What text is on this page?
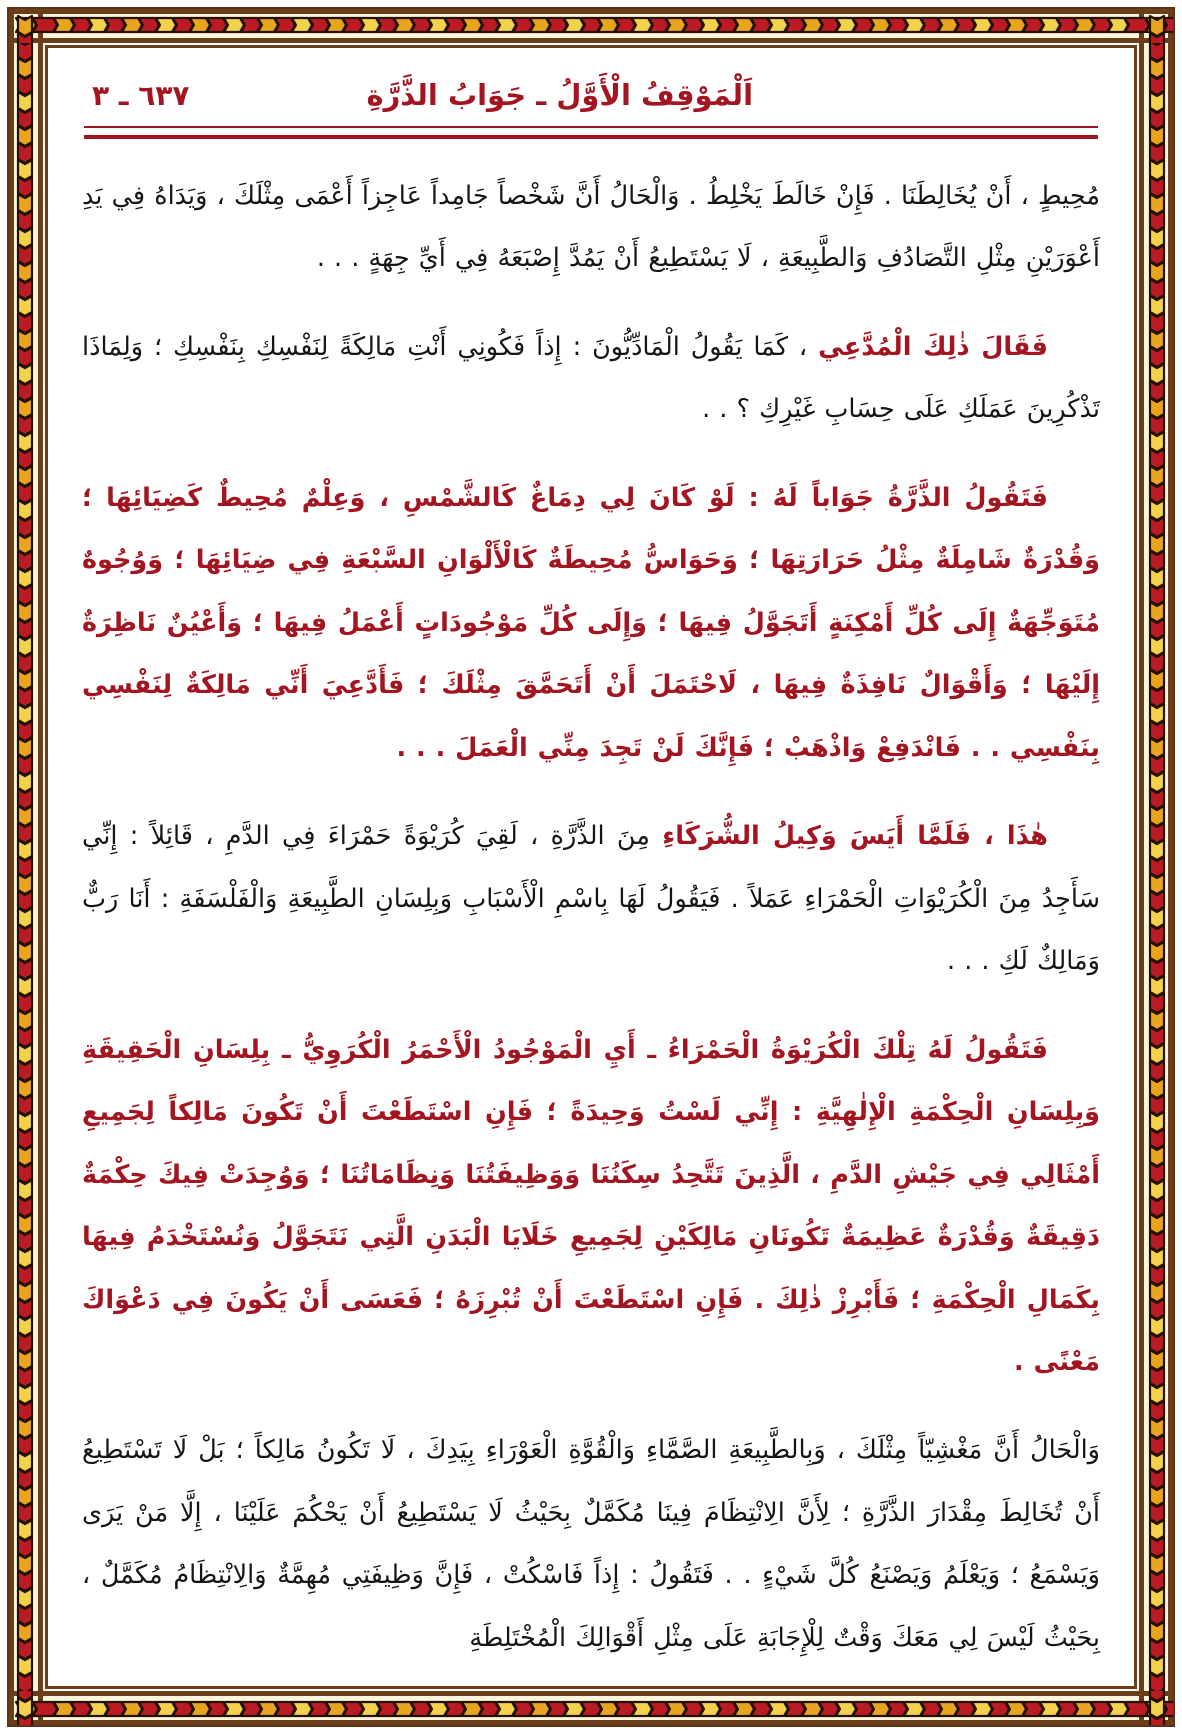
اَلْمَوْقِفُ الْأَوَّلُ ـ جَوَابُ الذَّرَّةِ
٦٣٧ ـ ٣

مُحِيطٍ ، أَنْ يُخَالِطَنَا . فَإِنْ خَالَطَ يَخْلِطُ . وَالْحَالُ أَنَّ شَخْصاً جَامِداً عَاجِزاً أَعْمَى مِثْلَكَ ، وَيَدَاهُ فِي يَدِ أَعْوَرَيْنِ مِثْلِ التَّصَادُفِ وَالطَّبِيعَةِ ، لَا يَسْتَطِيعُ أَنْ يَمُدَّ إِصْبَعَهُ فِي أَيِّ جِهَةٍ . . .

فَقَالَ ذٰلِكَ الْمُدَّعِي ، كَمَا يَقُولُ الْمَادِّيُّونَ : إِذاً فَكُونِي أَنْتِ مَالِكَةً لِنَفْسِكِ بِنَفْسِكِ ؛ وَلِمَاذَا تَذْكُرِينَ عَمَلَكِ عَلَى حِسَابِ غَيْرِكِ ؟ . .

فَتَقُولُ الذَّرَّةُ جَوَاباً لَهُ : لَوْ كَانَ لِي دِمَاغٌ كَالشَّمْسِ ، وَعِلْمٌ مُحِيطٌ كَضِيَائِهَا ؛ وَقُدْرَةٌ شَامِلَةٌ مِثْلُ حَرَارَتِهَا ؛ وَحَوَاسُّ مُحِيطَةٌ كَالْأَلْوَانِ السَّبْعَةِ فِي ضِيَائِهَا ؛ وَوُجُوهٌ مُتَوَجِّهَةٌ إِلَى كُلِّ أَمْكِنَةٍ أَتَجَوَّلُ فِيهَا ؛ وَإِلَى كُلِّ مَوْجُودَاتٍ أَعْمَلُ فِيهَا ؛ وَأَعْيُنٌ نَاظِرَةٌ إِلَيْهَا ؛ وَأَقْوَالٌ نَافِذَةٌ فِيهَا ، لَاحْتَمَلَ أَنْ أَتَحَمَّقَ مِثْلَكَ ؛ فَأَدَّعِيَ أَنِّي مَالِكَةٌ لِنَفْسِي بِنَفْسِي . . فَانْدَفِعْ وَاذْهَبْ ؛ فَإِنَّكَ لَنْ تَجِدَ مِنِّي الْعَمَلَ . . .

هٰذَا ، فَلَمَّا أَيَسَ وَكِيلُ الشُّرَكَاءِ مِنَ الذَّرَّةِ ، لَقِيَ كُرَيْوَةً حَمْرَاءَ فِي الدَّمِ ، قَائِلاً : إِنِّي سَأَجِدُ مِنَ الْكُرَيْوَاتِ الْحَمْرَاءِ عَمَلاً . فَيَقُولُ لَهَا بِاسْمِ الْأَسْبَابِ وَبِلِسَانِ الطَّبِيعَةِ وَالْفَلْسَفَةِ : أَنَا رَبٌّ وَمَالِكٌ لَكِ . . .

فَتَقُولُ لَهُ تِلْكَ الْكُرَيْوَةُ الْحَمْرَاءُ ـ أَيِ الْمَوْجُودُ الْأَحْمَرُ الْكُرَوِيُّ ـ بِلِسَانِ الْحَقِيقَةِ وَبِلِسَانِ الْحِكْمَةِ الْإِلٰهِيَّةِ : إِنِّي لَسْتُ وَحِيدَةً ؛ فَإِنِ اسْتَطَعْتَ أَنْ تَكُونَ مَالِكاً لِجَمِيعِ أَمْثَالِي فِي جَيْشِ الدَّمِ ، الَّذِينَ تَتَّحِدُ سِكَنُنَا وَوَظِيفَتُنَا وَنِظَامَاتُنَا ؛ وَوُجِدَتْ فِيكَ حِكْمَةٌ دَقِيقَةٌ وَقُدْرَةٌ عَظِيمَةٌ تَكُونَانِ مَالِكَيْنِ لِجَمِيعِ خَلَايَا الْبَدَنِ الَّتِي نَتَجَوَّلُ وَنُسْتَخْدَمُ فِيهَا بِكَمَالِ الْحِكْمَةِ ؛ فَأَبْرِزْ ذٰلِكَ . فَإِنِ اسْتَطَعْتَ أَنْ تُبْرِزَهُ ؛ فَعَسَى أَنْ يَكُونَ فِي دَعْوَاكَ مَعْنًى .

وَالْحَالُ أَنَّ مَغْشِيّاً مِثْلَكَ ، وَبِالطَّبِيعَةِ الصَّمَّاءِ وَالْقُوَّةِ الْعَوْرَاءِ بِيَدِكَ ، لَا تَكُونُ مَالِكاً ؛ بَلْ لَا تَسْتَطِيعُ أَنْ تُخَالِطَ مِقْدَارَ الذَّرَّةِ ؛ لِأَنَّ الِانْتِظَامَ فِينَا مُكَمَّلٌ بِحَيْثُ لَا يَسْتَطِيعُ أَنْ يَحْكُمَ عَلَيْنَا ، إِلَّا مَنْ يَرَى وَيَسْمَعُ ؛ وَيَعْلَمُ وَيَصْنَعُ كُلَّ شَيْءٍ . . فَتَقُولُ : إِذاً فَاسْكُتْ ، فَإِنَّ وَظِيفَتِي مُهِمَّةٌ وَالِانْتِظَامُ مُكَمَّلٌ ، بِحَيْثُ لَيْسَ لِي مَعَكَ وَقْتٌ لِلْإِجَابَةِ عَلَى مِثْلِ أَقْوَالِكَ الْمُخْتَلِطَةِ
